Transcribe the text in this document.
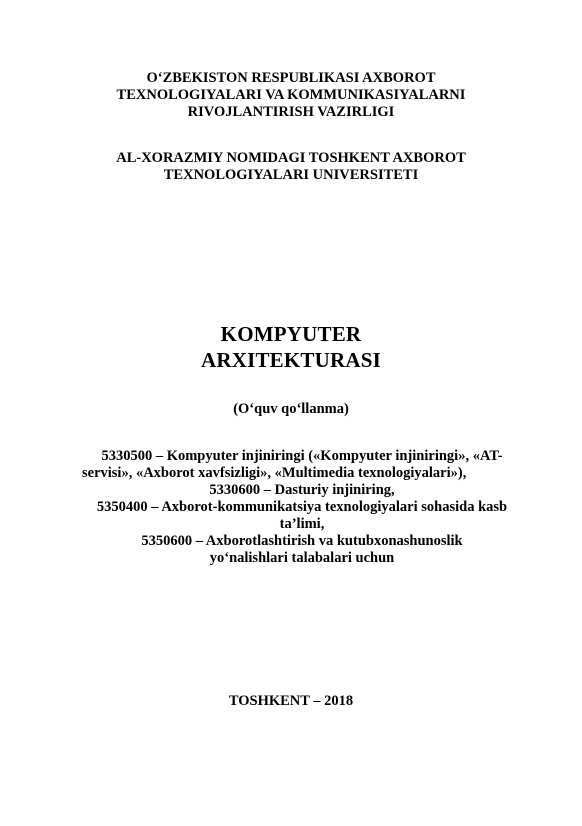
O‘ZBEKISTON RESPUBLIKASI AXBOROT
TEXNOLOGIYALARI VA KOMMUNIKASIYALARNI
RIVOJLANTIRISH VAZIRLIGI
AL-XORAZMIY NOMIDAGI TOSHKENT AXBOROT
TEXNOLOGIYALARI UNIVERSITETI
KOMPYUTER
ARXITEKTURASI
(O‘quv qo‘llanma)
5330500 – Kompyuter injiniringi («Kompyuter injiniringi», «AT-
servisi», «Axborot xavfsizligi», «Multimedia texnologiyalari»),
5330600 – Dasturiy injiniring,
5350400 – Axborot-kommunikatsiya texnologiyalari sohasida kasb
ta’limi,
5350600 – Axborotlashtirish va kutubxonashunoslik
yo‘nalishlari talabalari uchun
TOSHKENT – 2018
